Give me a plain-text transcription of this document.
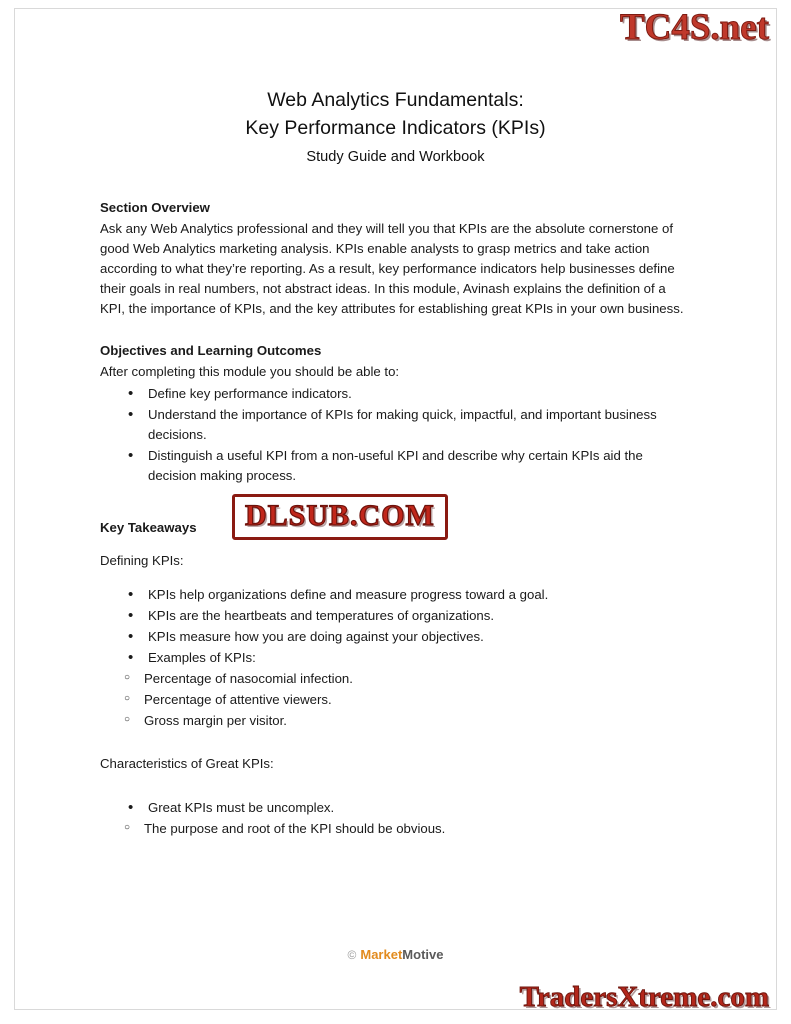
Web Analytics Fundamentals:
Key Performance Indicators (KPIs)
Study Guide and Workbook
Section Overview

Ask any Web Analytics professional and they will tell you that KPIs are the absolute cornerstone of good Web Analytics marketing analysis. KPIs enable analysts to grasp metrics and take action according to what they’re reporting. As a result, key performance indicators help businesses define their goals in real numbers, not abstract ideas. In this module, Avinash explains the definition of a KPI, the importance of KPIs, and the key attributes for establishing great KPIs in your own business.

Objectives and Learning Outcomes

After completing this module you should be able to:

• Define key performance indicators.
• Understand the importance of KPIs for making quick, impactful, and important business decisions.
• Distinguish a useful KPI from a non-useful KPI and describe why certain KPIs aid the decision making process.
Key Takeaways

Defining KPIs:

• KPIs help organizations define and measure progress toward a goal.
• KPIs are the heartbeats and temperatures of organizations.
• KPIs measure how you are doing against your objectives.
• Examples of KPIs:
○ Percentage of nasocomial infection.
○ Percentage of attentive viewers.
○ Gross margin per visitor.

Characteristics of Great KPIs:

• Great KPIs must be uncomplex.
○ The purpose and root of the KPI should be obvious.
© MarketMotive
TC4S.net
DLSUB.COM
TradersXtreme.com
